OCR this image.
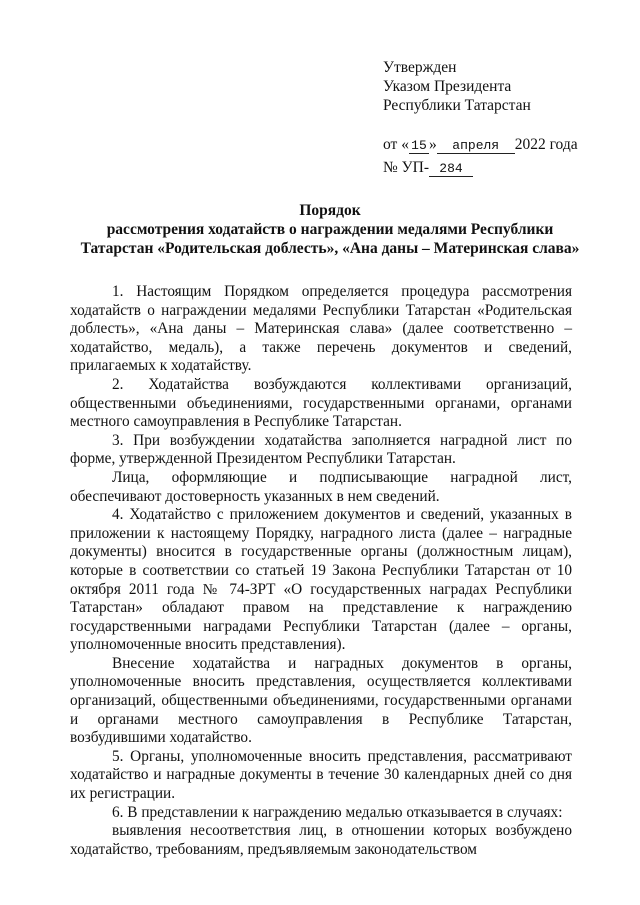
Утвержден
Указом Президента
Республики Татарстан
от « 15 » апреля 2022 года
№ УП- 284
Порядок
рассмотрения ходатайств о награждении медалями Республики
Татарстан «Родительская доблесть», «Ана даны – Материнская слава»

1. Настоящим Порядком определяется процедура рассмотрения ходатайств о награждении медалями Республики Татарстан «Родительская доблесть», «Ана даны – Материнская слава» (далее соответственно – ходатайство, медаль), а также перечень документов и сведений, прилагаемых к ходатайству.

2. Ходатайства возбуждаются коллективами организаций, общественными объединениями, государственными органами, органами местного самоуправления в Республике Татарстан.

3. При возбуждении ходатайства заполняется наградной лист по форме, утвержденной Президентом Республики Татарстан.

Лица, оформляющие и подписывающие наградной лист, обеспечивают достоверность указанных в нем сведений.

4. Ходатайство с приложением документов и сведений, указанных в приложении к настоящему Порядку, наградного листа (далее – наградные документы) вносится в государственные органы (должностным лицам), которые в соответствии со статьей 19 Закона Республики Татарстан от 10 октября 2011 года № 74-ЗРТ «О государственных наградах Республики Татарстан» обладают правом на представление к награждению государственными наградами Республики Татарстан (далее – органы, уполномоченные вносить представления).

Внесение ходатайства и наградных документов в органы, уполномоченные вносить представления, осуществляется коллективами организаций, общественными объединениями, государственными органами и органами местного самоуправления в Республике Татарстан, возбудившими ходатайство.

5. Органы, уполномоченные вносить представления, рассматривают ходатайство и наградные документы в течение 30 календарных дней со дня их регистрации.

6. В представлении к награждению медалью отказывается в случаях:

выявления несоответствия лиц, в отношении которых возбуждено ходатайство, требованиям, предъявляемым законодательством
